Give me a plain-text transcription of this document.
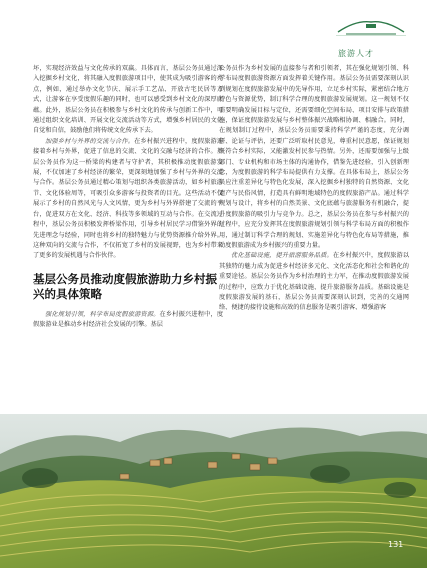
旅游人才

坏，实现经济效益与文化传承的双赢。具体而言，基层公务员通过深入挖掘乡村文化，将其融入度假旅游项目中，使其成为吸引游客的亮点，例如，通过举办文化节庆、展示手工艺品、开放古宅民居等方式，让游客在享受度假乐趣的同时，也可以感受到乡村文化的深厚底蕴。此外，基层公务员在积极参与乡村文化的传承与创新工作中，可通过组织文化培训、开展文化交流活动等方式，增强乡村居民的文化自觉和自信，鼓励他们将传统文化传承下去。

加强乡村与外界的交流与合作。在乡村振兴进程中，度假旅游连接着乡村与外界，促进了信息的交流、文化的交融与经济的合作。基层公务员作为这一桥梁的构建者与守护者，其积极推动度假旅游发展，不仅加速了乡村经济的繁荣，更深刻地加强了乡村与外界的交流与合作。基层公务员通过精心策划与组织各类旅游活动，如乡村旅游节、文化体验周等，可吸引众多游客与投资者的目光。这些活动不仅展示了乡村的自然风光与人文风情，更为乡村与外界搭建了交流的平台，促进双方在文化、经济、科技等多领域的互动与合作。在交流过程中，基层公务员积极发挥桥梁作用，引导乡村居民学习借鉴外界的先进理念与经验，同时也将乡村的独特魅力与优势资源推介给外界。这种双向的交流与合作，不仅拓宽了乡村的发展视野，也为乡村带来了更多的发展机遇与合作伙伴。

基层公务员推动度假旅游助力乡村振兴的具体策略

强化规划引领，科学布局度假旅游资源。在乡村振兴进程中，度假旅游业是推动乡村经济社会发展的引擎。基层

公务员作为乡村发展的直接参与者和引领者，其在强化规划引领、科学布局度假旅游资源方面发挥着关键作用。基层公务员需要深刻认识到规划在度假旅游发展中的先导作用，立足乡村实际，紧密结合地方特色与资源优势，制订科学合理的度假旅游发展规划。这一规划不仅需要明确发展目标与定位，还需要细化空间布局、项目安排与政策措施，保证度假旅游发展与乡村整体振兴战略相协调、相融合。同时，在规划制订过程中，基层公务员需要秉持科学严谨的态度，充分调研、论证与评估，还要广泛听取村民意见，尊重村民意愿，保证规划既符合乡村实际，又能激发村民参与热情。另外，还需要加强与上级部门、专业机构和市场主体的沟通协作，借鉴先进经验，引入创新理念，为度假旅游的科学布局提供有力支撑。在具体布局上，基层公务员应注重差异化与特色化发展，深入挖掘乡村独特的自然资源、文化遗产与民俗风情，打造具有鲜明地域特色的度假旅游产品。通过科学规划与设计，将乡村的自然美景、文化底蕴与旅游服务有机融合，提升度假旅游的吸引力与竞争力。总之，基层公务员在参与乡村振兴的过程中，应充分发挥其在度假旅游规划引领与科学布局方面的积极作用，通过制订科学合理的规划、实施差异化与特色化布局等措施，推动度假旅游成为乡村振兴的重要力量。

优化基础设施，提升旅游服务品质。在乡村振兴中，度假旅游以其独特的魅力成为促进乡村经济多元化、文化活态化和社会和谐化的重要途径。基层公务员作为乡村治理的主力军，在推动度假旅游发展的过程中，应致力于优化基础设施、提升旅游服务品质。基础设施是度假旅游发展的基石，基层公务员需要深刻认识到，完善的交通网络、便捷的接待设施和高效的信息服务是吸引游客、增强游客

131
